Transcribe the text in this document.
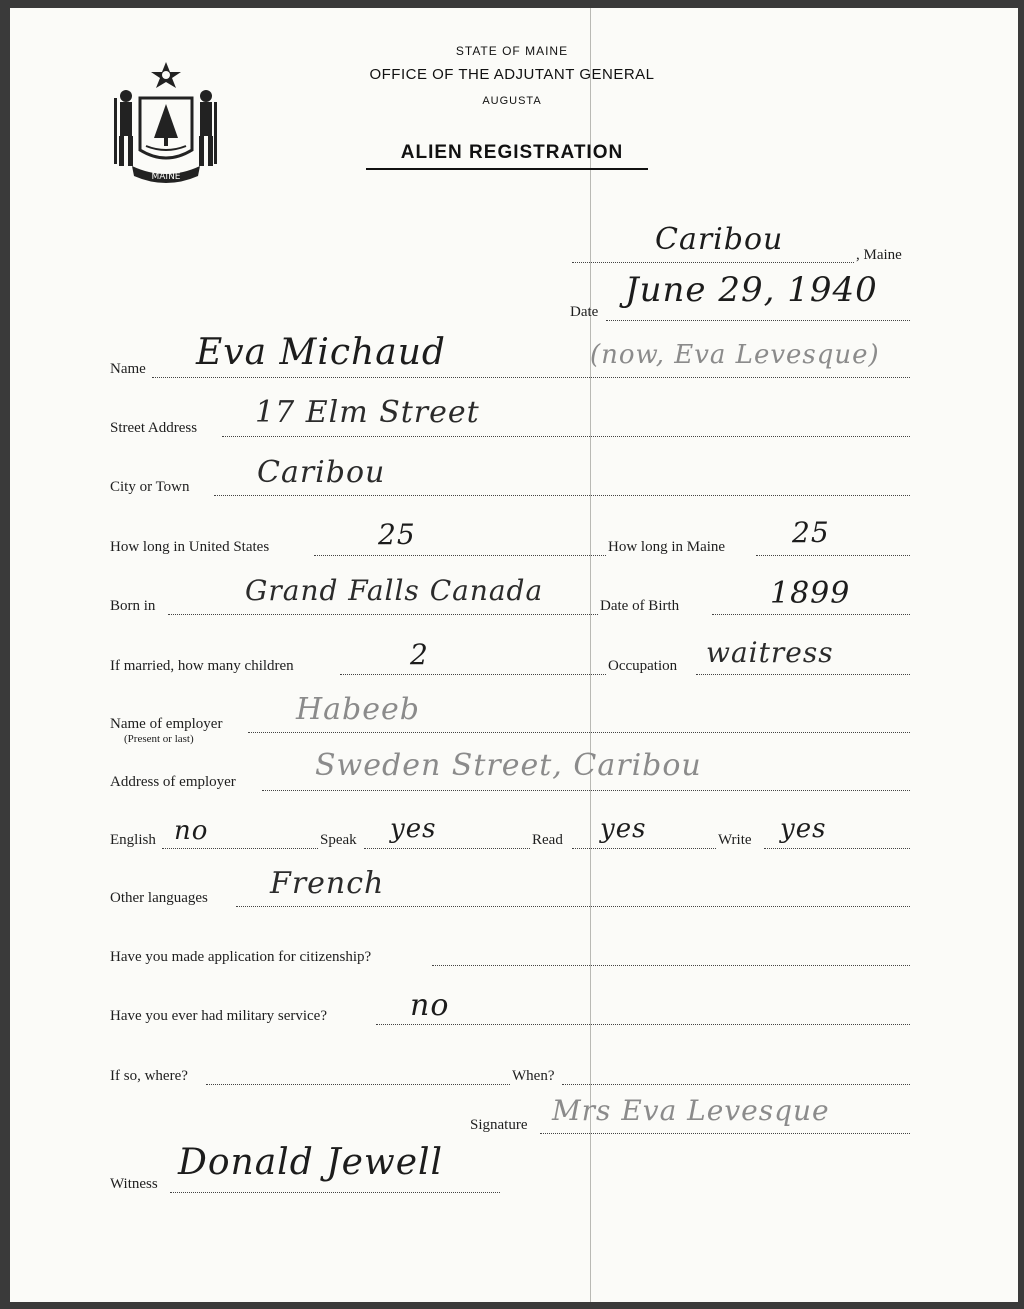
MAINE
STATE OF MAINE
OFFICE OF THE ADJUTANT GENERAL
AUGUSTA
ALIEN REGISTRATION
Caribou	, Maine
Date
June 29, 1940
Name Eva Michaud	(now, Eva Levesque)
Street Address 17 Elm Street
City or Town Caribou
How long in United States	25	How long in Maine 25
Born in	Grand Falls Canada	Date of Birth	1899
If married, how many children	2	Occupation waitress
Name of employer
(Present or last)
Habeeb
Address of employer	Sweden Street, Caribou
English no	Speak yes	Read yes	Write yes
Other languages French
Have you made application for citizenship?
Have you ever had military service?	no
If so, where?	When?
Signature Mrs Eva Levesque
Witness
Donald Jewell
